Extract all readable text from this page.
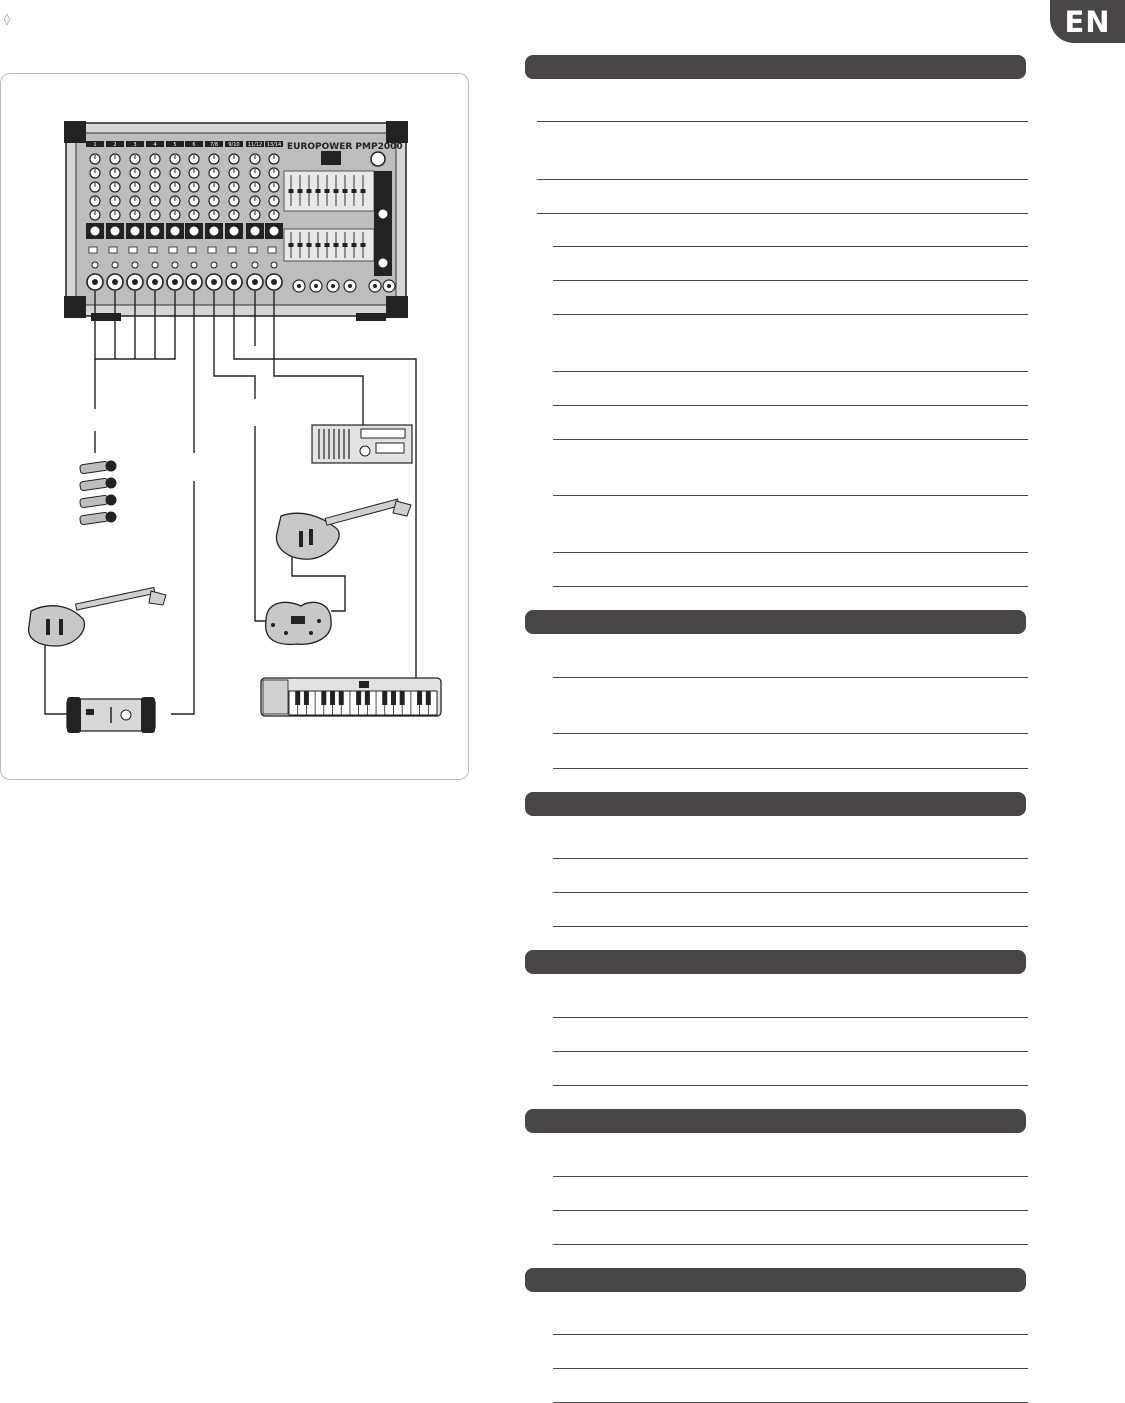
◊	EN
1	2	3	4	5	6	7/8 9/10 11/12 13/14 EUROPOWER PMP2000
